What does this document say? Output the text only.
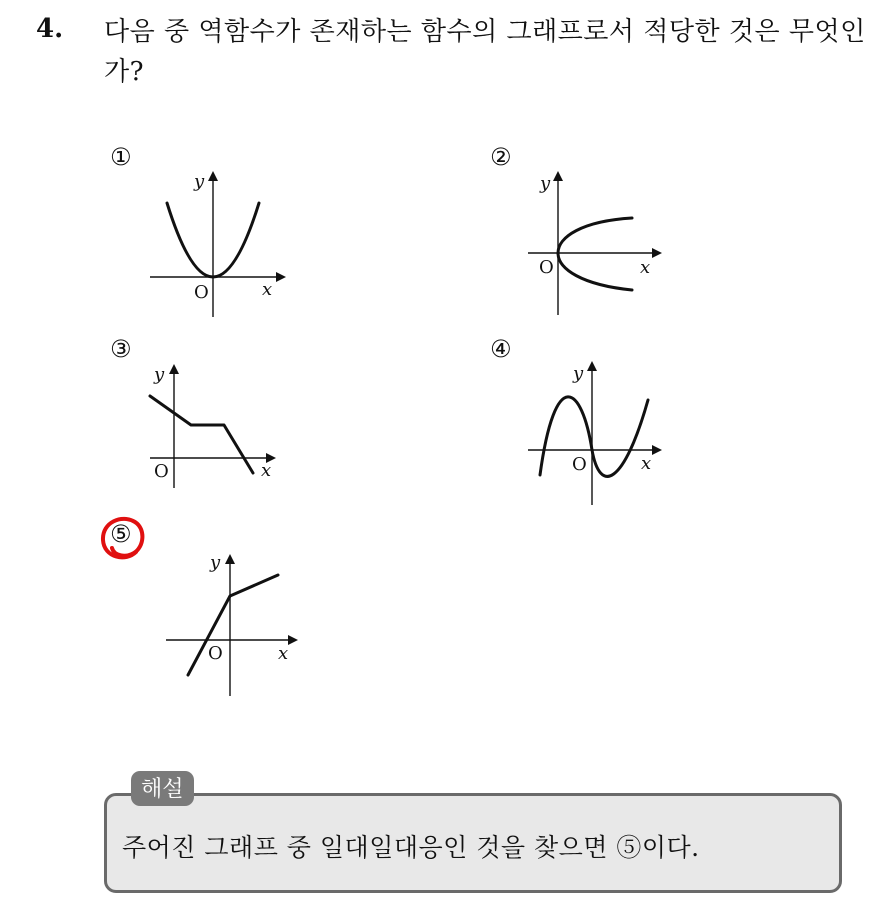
4. 다음 중 역함수가 존재하는 함수의 그래프로서 적당한 것은 무엇인가?
①
O	x
y
②
O	x
y
③
O	x
y
④
O	x
y
⑤
O	x
y
해설
주어진 그래프 중 일대일대응인 것을 찾으면 ⑤이다.
